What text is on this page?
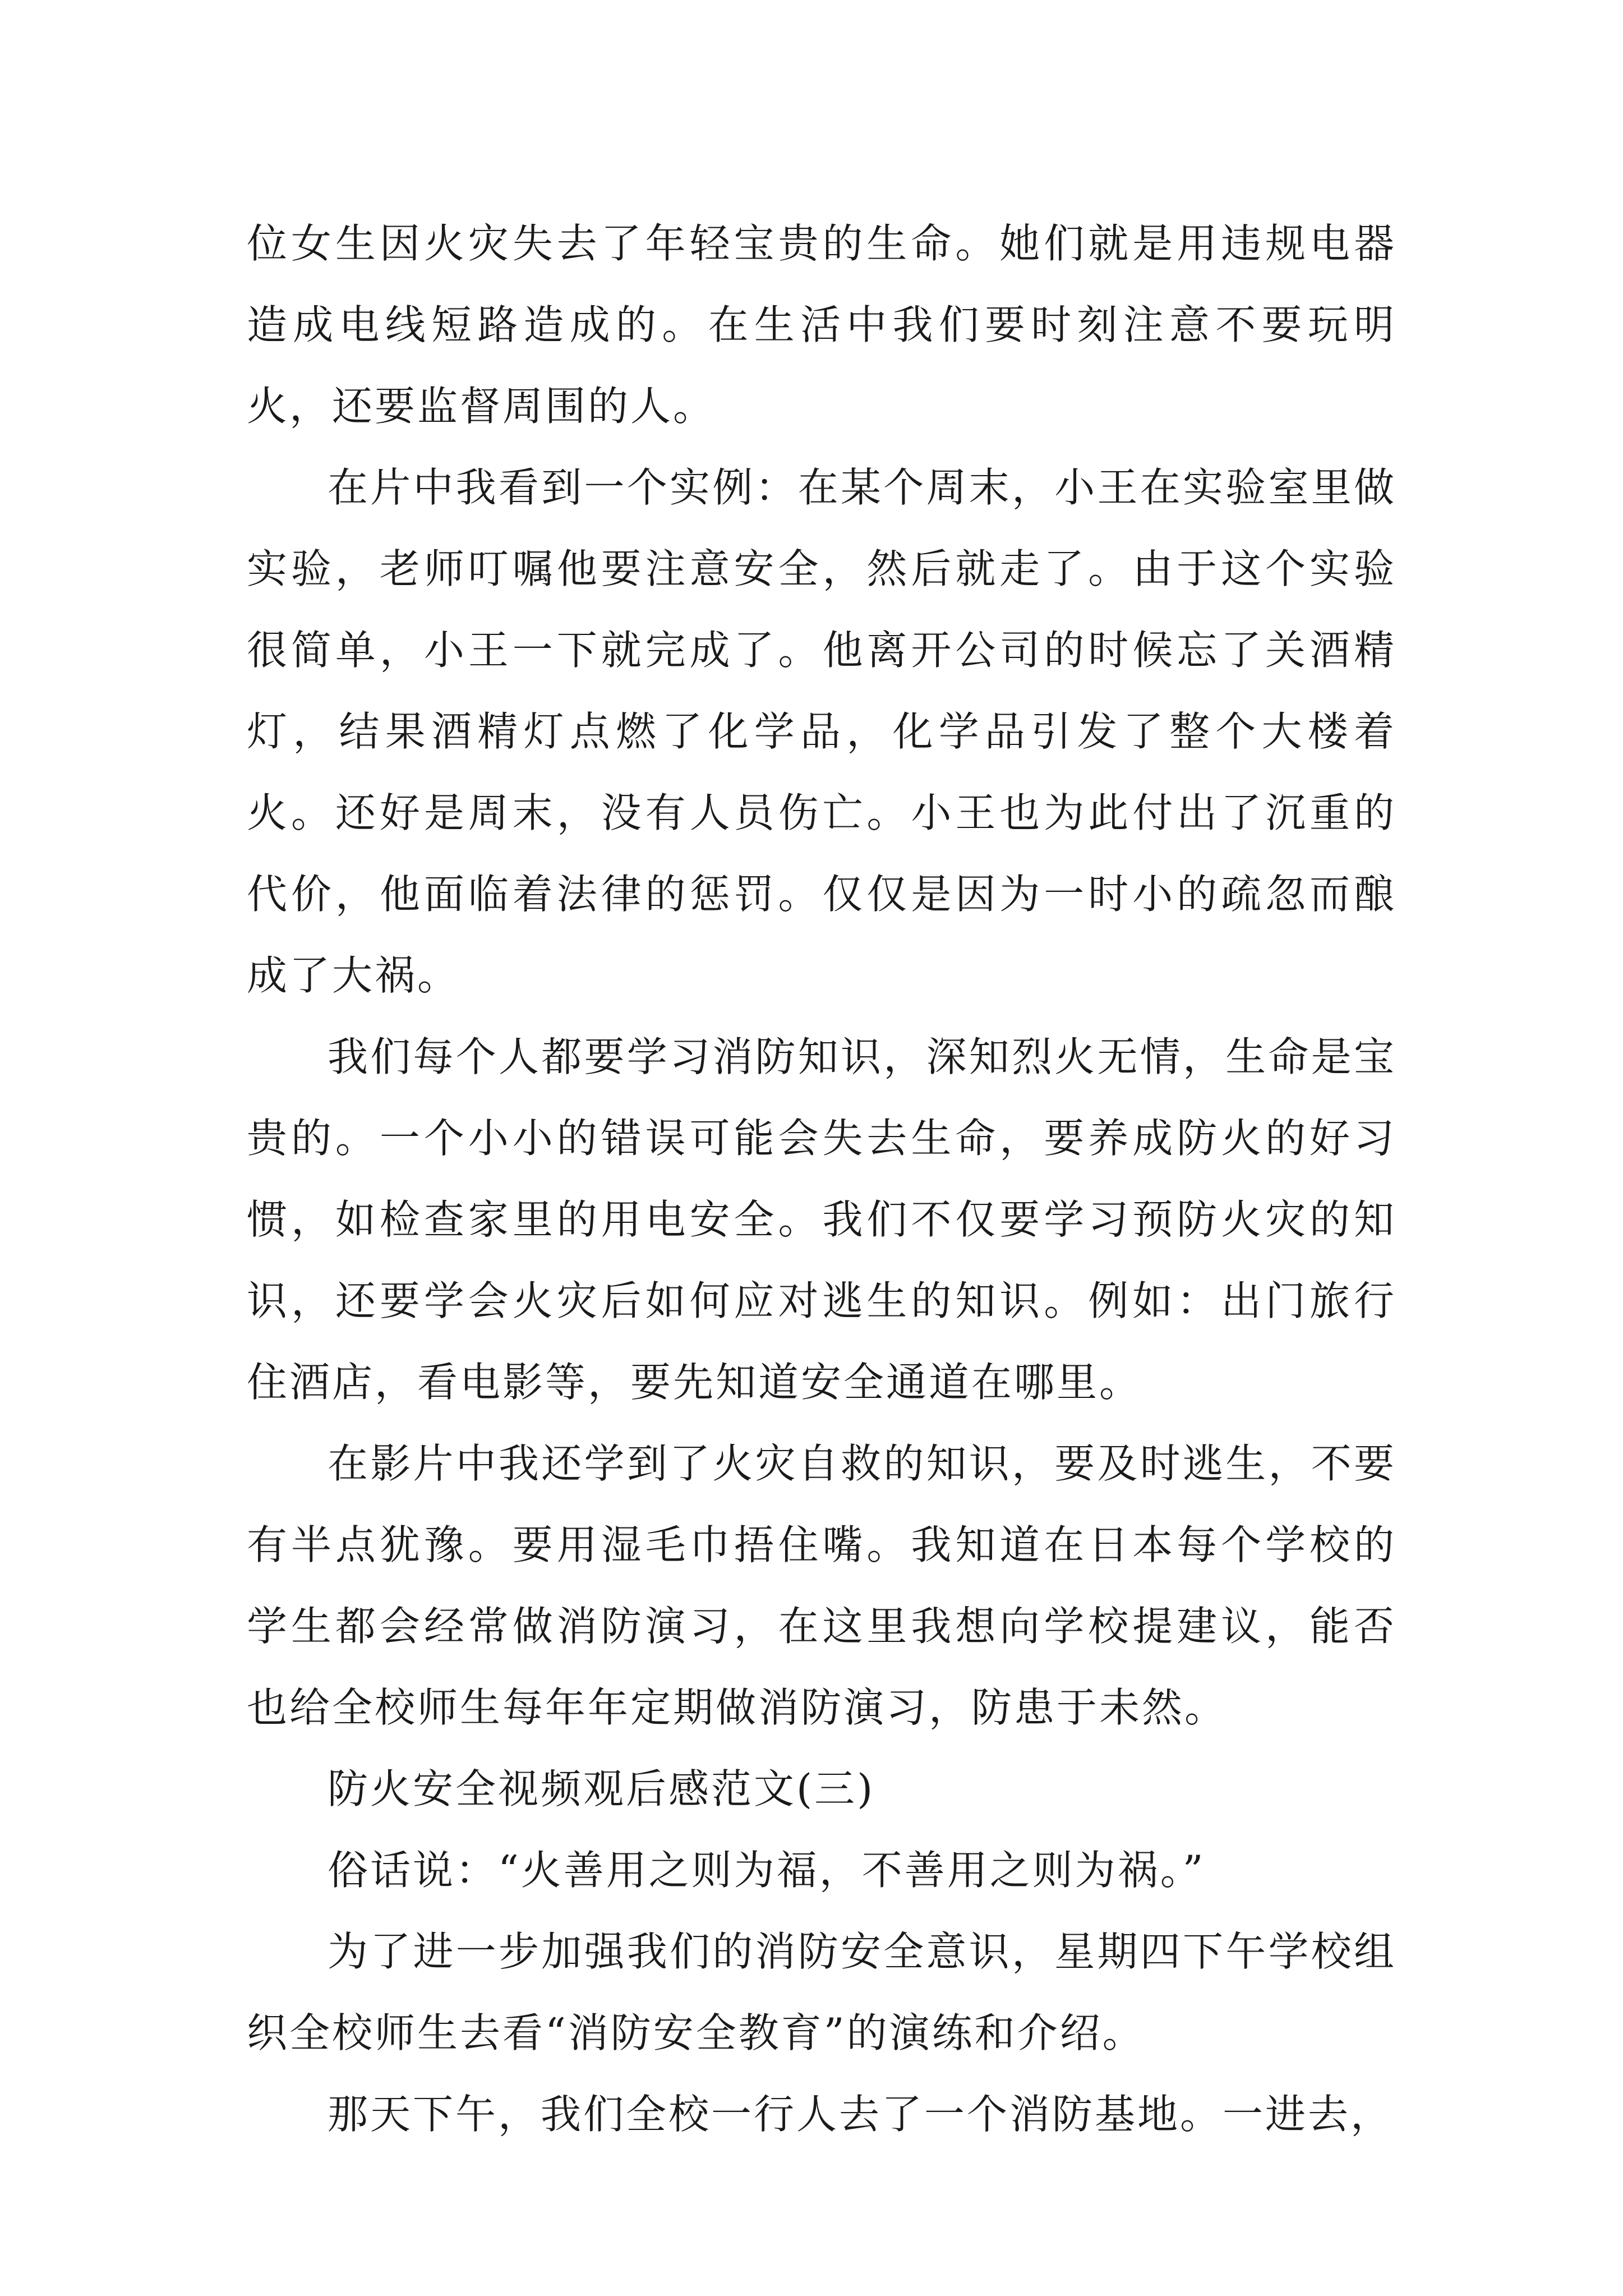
位女生因火灾失去了年轻宝贵的生命。她们就是用违规电器造成电线短路造成的。在生活中我们要时刻注意不要玩明火，还要监督周围的人。

在片中我看到一个实例：在某个周末，小王在实验室里做实验，老师叮嘱他要注意安全，然后就走了。由于这个实验很简单，小王一下就完成了。他离开公司的时候忘了关酒精灯，结果酒精灯点燃了化学品，化学品引发了整个大楼着火。还好是周末，没有人员伤亡。小王也为此付出了沉重的代价，他面临着法律的惩罚。仅仅是因为一时小的疏忽而酿成了大祸。

我们每个人都要学习消防知识，深知烈火无情，生命是宝贵的。一个小小的错误可能会失去生命，要养成防火的好习惯，如检查家里的用电安全。我们不仅要学习预防火灾的知识，还要学会火灾后如何应对逃生的知识。例如：出门旅行住酒店，看电影等，要先知道安全通道在哪里。

在影片中我还学到了火灾自救的知识，要及时逃生，不要有半点犹豫。要用湿毛巾捂住嘴。我知道在日本每个学校的学生都会经常做消防演习，在这里我想向学校提建议，能否也给全校师生每年年定期做消防演习，防患于未然。

防火安全视频观后感范文(三)

俗话说：“火善用之则为福，不善用之则为祸。”

为了进一步加强我们的消防安全意识，星期四下午学校组织全校师生去看“消防安全教育”的演练和介绍。

那天下午，我们全校一行人去了一个消防基地。一进去，
